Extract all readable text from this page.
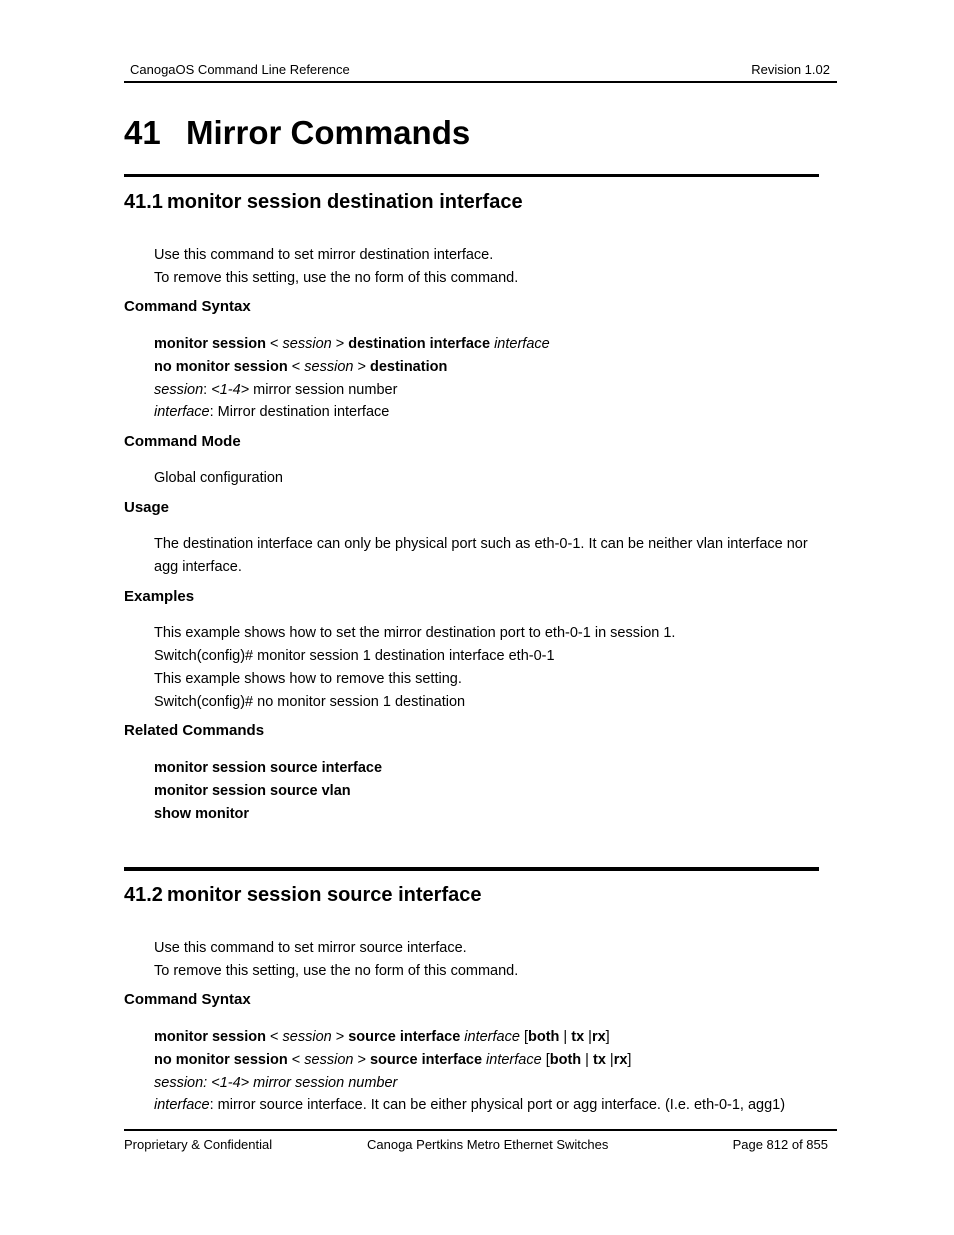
CanogaOS Command Line Reference	Revision 1.02
41 Mirror Commands
41.1 monitor session destination interface
Use this command to set mirror destination interface.
To remove this setting, use the no form of this command.
Command Syntax
monitor session < session > destination interface interface
no monitor session < session > destination
session: <1-4> mirror session number
interface: Mirror destination interface
Command Mode
Global configuration
Usage
The destination interface can only be physical port such as eth-0-1. It can be neither vlan interface nor
agg interface.
Examples
This example shows how to set the mirror destination port to eth-0-1 in session 1.
Switch(config)# monitor session 1 destination interface eth-0-1
This example shows how to remove this setting.
Switch(config)# no monitor session 1 destination
Related Commands
monitor session source interface
monitor session source vlan
show monitor
41.2 monitor session source interface
Use this command to set mirror source interface.
To remove this setting, use the no form of this command.
Command Syntax
monitor session < session > source interface interface [both | tx |rx]
no monitor session < session > source interface interface [both | tx |rx]
session: <1-4> mirror session number
interface: mirror source interface. It can be either physical port or agg interface. (I.e. eth-0-1, agg1)
Proprietary & Confidential	Canoga Pertkins Metro Ethernet Switches	Page 812 of 855
